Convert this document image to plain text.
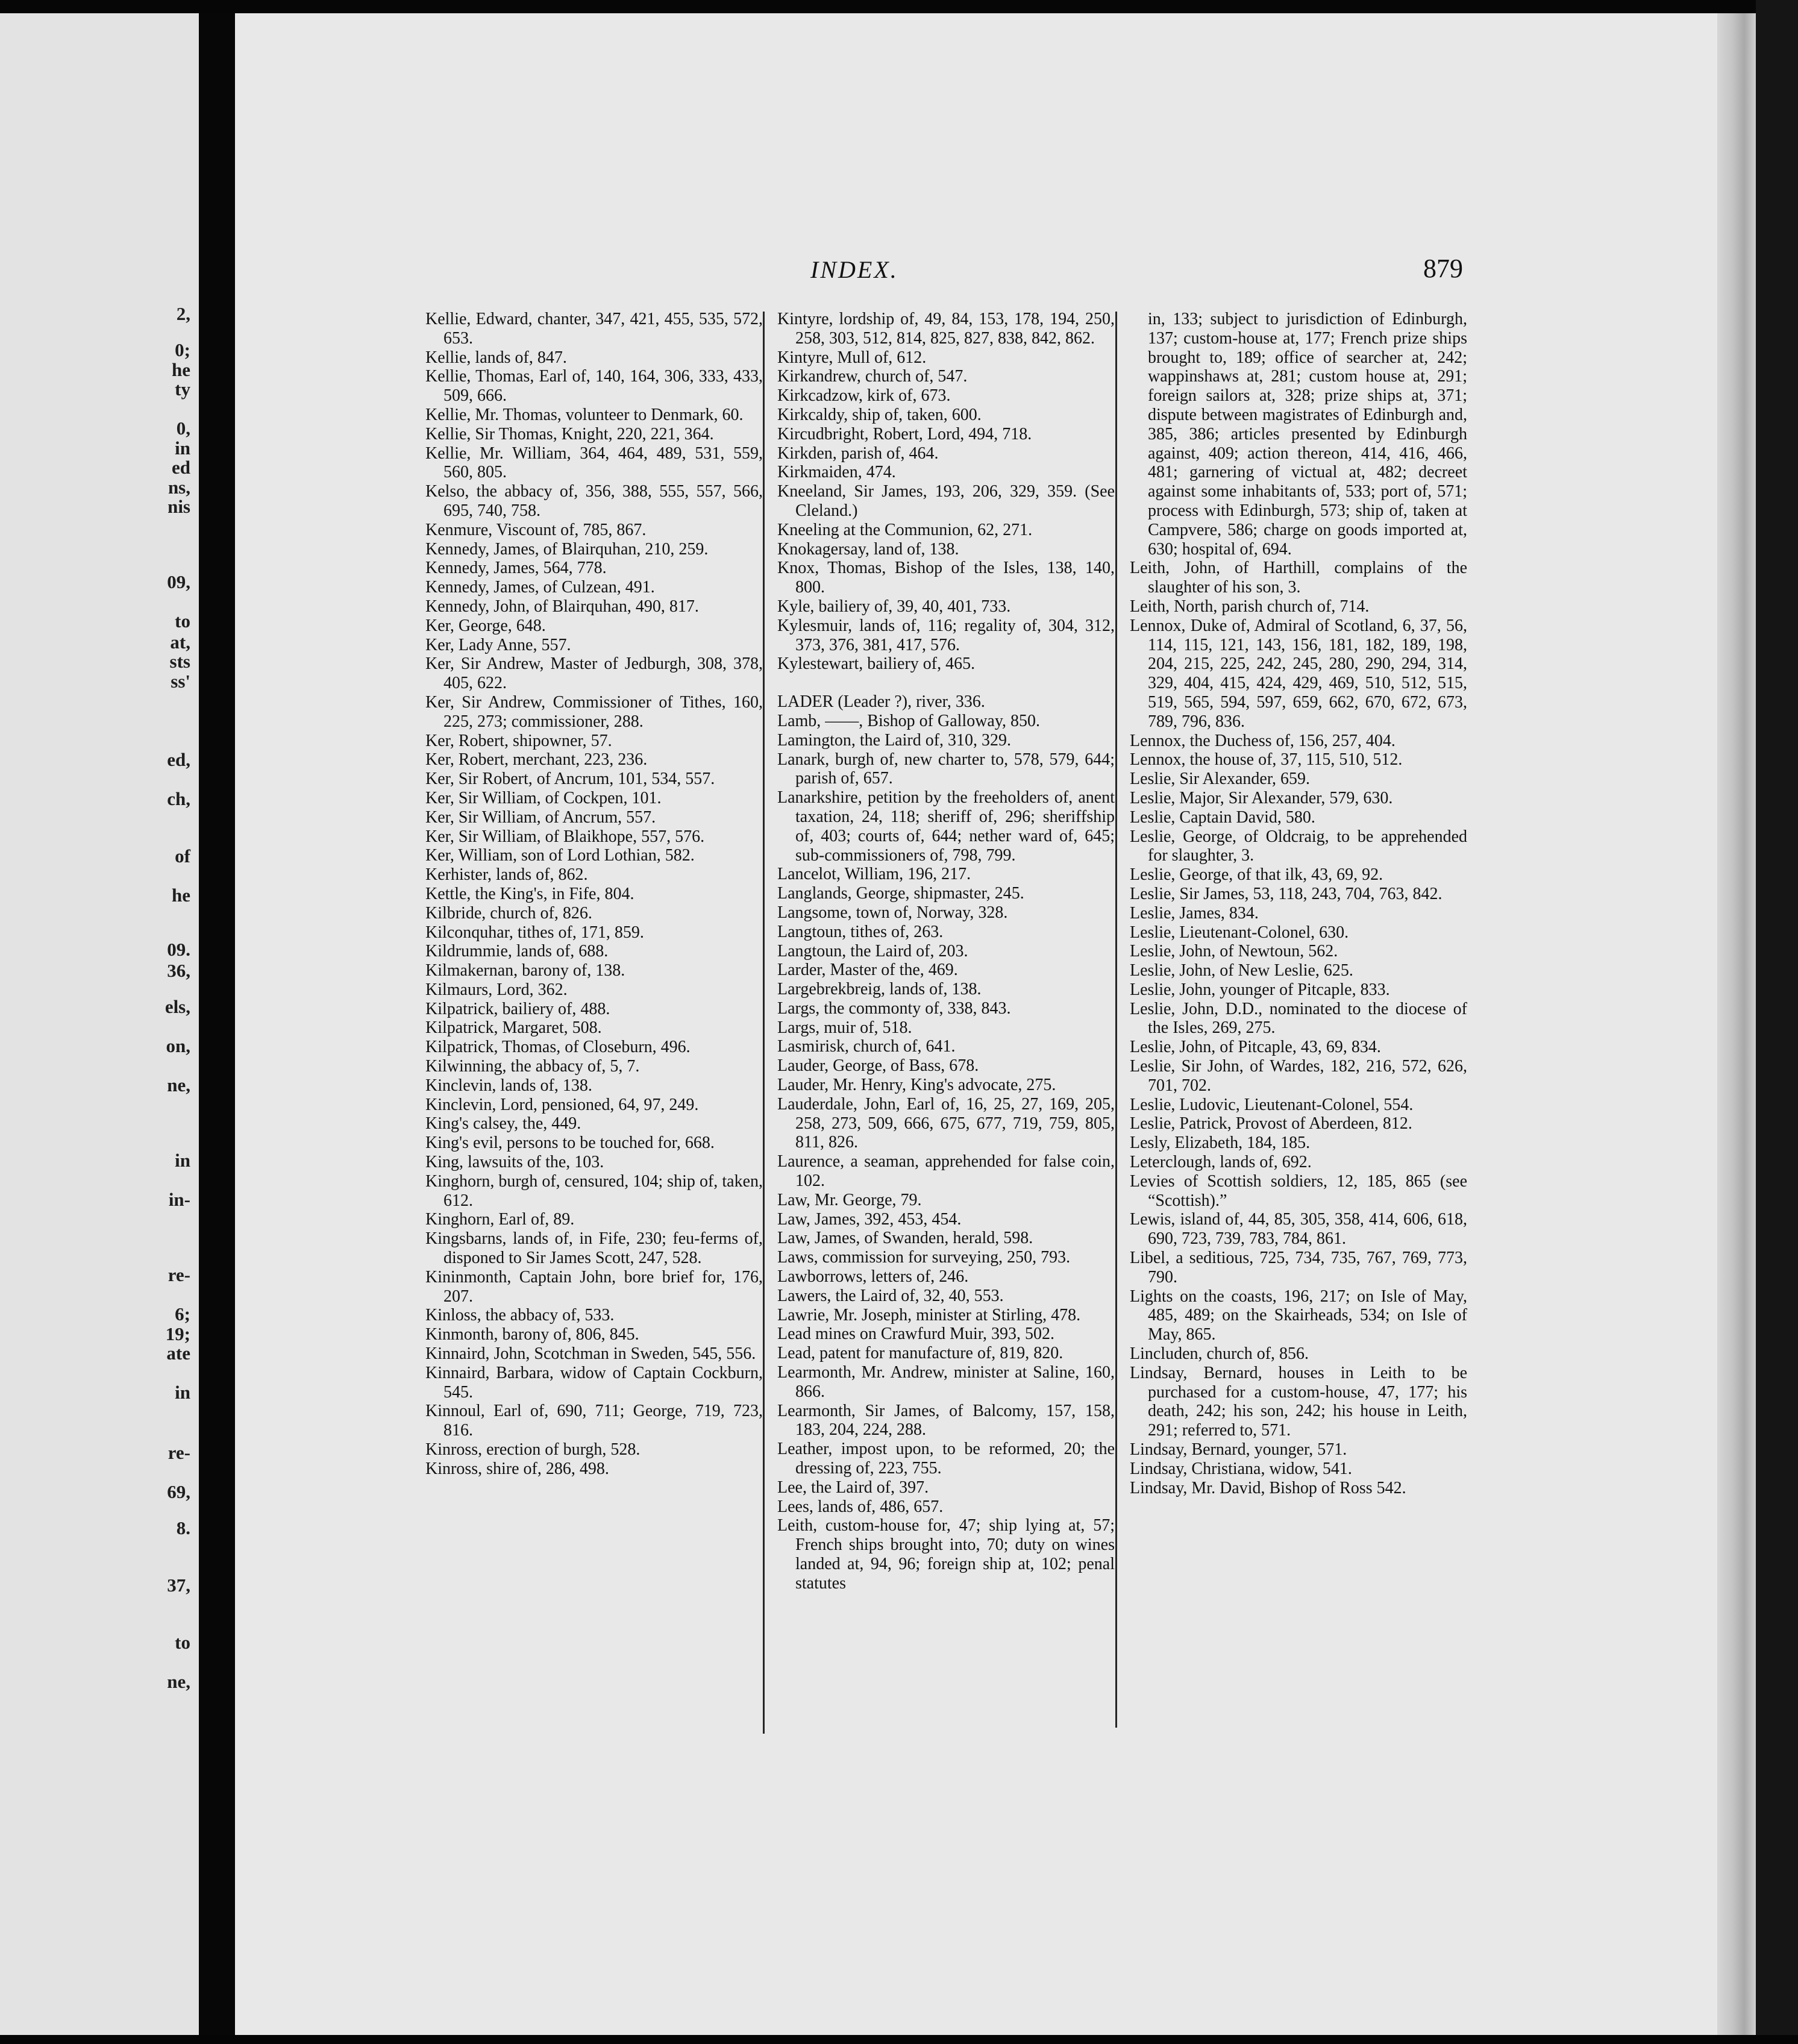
2,
0;
he
ty
0,
in
ed
ns,
nis
09,
to
at,
sts
ss'
ed,
ch,
of
he
09.
36,
els,
on,
ne,
in
in-
re-
6;
19;
ate
in
re-
69,
8.
37,
to
ne,
INDEX.	879

Kellie, Edward, chanter, 347, 421, 455, 535, 572, 653.

Kellie, lands of, 847.

Kellie, Thomas, Earl of, 140, 164, 306, 333, 433, 509, 666.

Kellie, Mr. Thomas, volunteer to Denmark, 60.

Kellie, Sir Thomas, Knight, 220, 221, 364.

Kellie, Mr. William, 364, 464, 489, 531, 559, 560, 805.

Kelso, the abbacy of, 356, 388, 555, 557, 566, 695, 740, 758.

Kenmure, Viscount of, 785, 867.

Kennedy, James, of Blairquhan, 210, 259.

Kennedy, James, 564, 778.

Kennedy, James, of Culzean, 491.

Kennedy, John, of Blairquhan, 490, 817.

Ker, George, 648.

Ker, Lady Anne, 557.

Ker, Sir Andrew, Master of Jedburgh, 308, 378, 405, 622.

Ker, Sir Andrew, Commissioner of Tithes, 160, 225, 273; commissioner, 288.

Ker, Robert, shipowner, 57.

Ker, Robert, merchant, 223, 236.

Ker, Sir Robert, of Ancrum, 101, 534, 557.

Ker, Sir William, of Cockpen, 101.

Ker, Sir William, of Ancrum, 557.

Ker, Sir William, of Blaikhope, 557, 576.

Ker, William, son of Lord Lothian, 582.

Kerhister, lands of, 862.

Kettle, the King's, in Fife, 804.

Kilbride, church of, 826.

Kilconquhar, tithes of, 171, 859.

Kildrummie, lands of, 688.

Kilmakernan, barony of, 138.

Kilmaurs, Lord, 362.

Kilpatrick, bailiery of, 488.

Kilpatrick, Margaret, 508.

Kilpatrick, Thomas, of Closeburn, 496.

Kilwinning, the abbacy of, 5, 7.

Kinclevin, lands of, 138.

Kinclevin, Lord, pensioned, 64, 97, 249.

King's calsey, the, 449.

King's evil, persons to be touched for, 668.

King, lawsuits of the, 103.

Kinghorn, burgh of, censured, 104; ship of, taken, 612.

Kinghorn, Earl of, 89.

Kingsbarns, lands of, in Fife, 230; feu-ferms of, disponed to Sir James Scott, 247, 528.

Kininmonth, Captain John, bore brief for, 176, 207.

Kinloss, the abbacy of, 533.

Kinmonth, barony of, 806, 845.

Kinnaird, John, Scotchman in Sweden, 545, 556.

Kinnaird, Barbara, widow of Captain Cockburn, 545.

Kinnoul, Earl of, 690, 711; George, 719, 723, 816.

Kinross, erection of burgh, 528.

Kinross, shire of, 286, 498.

Kintyre, lordship of, 49, 84, 153, 178, 194, 250, 258, 303, 512, 814, 825, 827, 838, 842, 862.

Kintyre, Mull of, 612.

Kirkandrew, church of, 547.

Kirkcadzow, kirk of, 673.

Kirkcaldy, ship of, taken, 600.

Kircudbright, Robert, Lord, 494, 718.

Kirkden, parish of, 464.

Kirkmaiden, 474.

Kneeland, Sir James, 193, 206, 329, 359. (See Cleland.)

Kneeling at the Communion, 62, 271.

Knokagersay, land of, 138.

Knox, Thomas, Bishop of the Isles, 138, 140, 800.

Kyle, bailiery of, 39, 40, 401, 733.

Kylesmuir, lands of, 116; regality of, 304, 312, 373, 376, 381, 417, 576.

Kylestewart, bailiery of, 465.

LADER (Leader ?), river, 336.

Lamb, ——, Bishop of Galloway, 850.

Lamington, the Laird of, 310, 329.

Lanark, burgh of, new charter to, 578, 579, 644; parish of, 657.

Lanarkshire, petition by the freeholders of, anent taxation, 24, 118; sheriff of, 296; sheriffship of, 403; courts of, 644; nether ward of, 645; sub-commissioners of, 798, 799.

Lancelot, William, 196, 217.

Langlands, George, shipmaster, 245.

Langsome, town of, Norway, 328.

Langtoun, tithes of, 263.

Langtoun, the Laird of, 203.

Larder, Master of the, 469.

Largebrekbreig, lands of, 138.

Largs, the commonty of, 338, 843.

Largs, muir of, 518.

Lasmirisk, church of, 641.

Lauder, George, of Bass, 678.

Lauder, Mr. Henry, King's advocate, 275.

Lauderdale, John, Earl of, 16, 25, 27, 169, 205, 258, 273, 509, 666, 675, 677, 719, 759, 805, 811, 826.

Laurence, a seaman, apprehended for false coin, 102.

Law, Mr. George, 79.

Law, James, 392, 453, 454.

Law, James, of Swanden, herald, 598.

Laws, commission for surveying, 250, 793.

Lawborrows, letters of, 246.

Lawers, the Laird of, 32, 40, 553.

Lawrie, Mr. Joseph, minister at Stirling, 478.

Lead mines on Crawfurd Muir, 393, 502.

Lead, patent for manufacture of, 819, 820.

Learmonth, Mr. Andrew, minister at Saline, 160, 866.

Learmonth, Sir James, of Balcomy, 157, 158, 183, 204, 224, 288.

Leather, impost upon, to be reformed, 20; the dressing of, 223, 755.

Lee, the Laird of, 397.

Lees, lands of, 486, 657.

Leith, custom-house for, 47; ship lying at, 57; French ships brought into, 70; duty on wines landed at, 94, 96; foreign ship at, 102; penal statutes

in, 133; subject to jurisdiction of Edinburgh, 137; custom-house at, 177; French prize ships brought to, 189; office of searcher at, 242; wappinshaws at, 281; custom house at, 291; foreign sailors at, 328; prize ships at, 371; dispute between magistrates of Edinburgh and, 385, 386; articles presented by Edinburgh against, 409; action thereon, 414, 416, 466, 481; garnering of victual at, 482; decreet against some inhabitants of, 533; port of, 571; process with Edinburgh, 573; ship of, taken at Campvere, 586; charge on goods imported at, 630; hospital of, 694.

Leith, John, of Harthill, complains of the slaughter of his son, 3.

Leith, North, parish church of, 714.

Lennox, Duke of, Admiral of Scotland, 6, 37, 56, 114, 115, 121, 143, 156, 181, 182, 189, 198, 204, 215, 225, 242, 245, 280, 290, 294, 314, 329, 404, 415, 424, 429, 469, 510, 512, 515, 519, 565, 594, 597, 659, 662, 670, 672, 673, 789, 796, 836.

Lennox, the Duchess of, 156, 257, 404.

Lennox, the house of, 37, 115, 510, 512.

Leslie, Sir Alexander, 659.

Leslie, Major, Sir Alexander, 579, 630.

Leslie, Captain David, 580.

Leslie, George, of Oldcraig, to be apprehended for slaughter, 3.

Leslie, George, of that ilk, 43, 69, 92.

Leslie, Sir James, 53, 118, 243, 704, 763, 842.

Leslie, James, 834.

Leslie, Lieutenant-Colonel, 630.

Leslie, John, of Newtoun, 562.

Leslie, John, of New Leslie, 625.

Leslie, John, younger of Pitcaple, 833.

Leslie, John, D.D., nominated to the diocese of the Isles, 269, 275.

Leslie, John, of Pitcaple, 43, 69, 834.

Leslie, Sir John, of Wardes, 182, 216, 572, 626, 701, 702.

Leslie, Ludovic, Lieutenant-Colonel, 554.

Leslie, Patrick, Provost of Aberdeen, 812.

Lesly, Elizabeth, 184, 185.

Leterclough, lands of, 692.

Levies of Scottish soldiers, 12, 185, 865 (see “Scottish).”

Lewis, island of, 44, 85, 305, 358, 414, 606, 618, 690, 723, 739, 783, 784, 861.

Libel, a seditious, 725, 734, 735, 767, 769, 773, 790.

Lights on the coasts, 196, 217; on Isle of May, 485, 489; on the Skairheads, 534; on Isle of May, 865.

Lincluden, church of, 856.

Lindsay, Bernard, houses in Leith to be purchased for a custom-house, 47, 177; his death, 242; his son, 242; his house in Leith, 291; referred to, 571.

Lindsay, Bernard, younger, 571.

Lindsay, Christiana, widow, 541.

Lindsay, Mr. David, Bishop of Ross 542.
